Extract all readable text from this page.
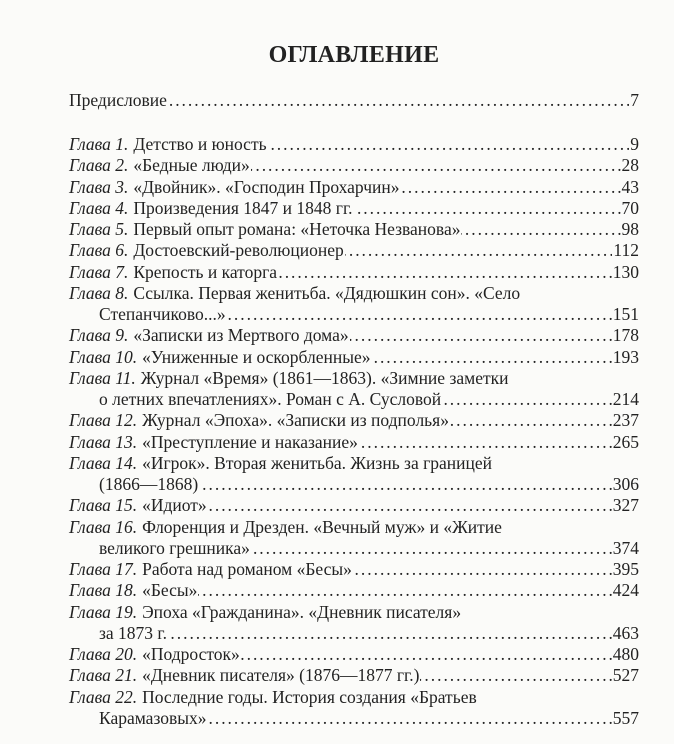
ОГЛАВЛЕНИЕ
Предисловие . . .	7
Глава 1. Детство и юность . . .	9
Глава 2. «Бедные люди» . . .	28
Глава 3. «Двойник». «Господин Прохарчин» . . .	43
Глава 4. Произведения 1847 и 1848 гг. . . .	70
Глава 5. Первый опыт романа: «Неточка Незванова» . . .	98
Глава 6. Достоевский-революционер . . .	112
Глава 7. Крепость и каторга . . .	130
Глава 8. Ссылка. Первая женитьба. «Дядюшкин сон». «Село
Степанчиково...» . . .	151
Глава 9. «Записки из Мертвого дома» . . .	178
Глава 10. «Униженные и оскорбленные» . . .	193
Глава 11. Журнал «Время» (1861—1863). «Зимние заметки
о летних впечатлениях». Роман с А. Сусловой . . .	214
Глава 12. Журнал «Эпоха». «Записки из подполья» . . .	237
Глава 13. «Преступление и наказание» . . .	265
Глава 14. «Игрок». Вторая женитьба. Жизнь за границей
(1866—1868) . . .	306
Глава 15. «Идиот» . . .	327
Глава 16. Флоренция и Дрезден. «Вечный муж» и «Житие
великого грешника» . . .	374
Глава 17. Работа над романом «Бесы» . . .	395
Глава 18. «Бесы» . . .	424
Глава 19. Эпоха «Гражданина». «Дневник писателя»
за 1873 г. . . .	463
Глава 20. «Подросток» . . .	480
Глава 21. «Дневник писателя» (1876—1877 гг.) . . .	527
Глава 22. Последние годы. История создания «Братьев
Карамазовых» . . .	557
